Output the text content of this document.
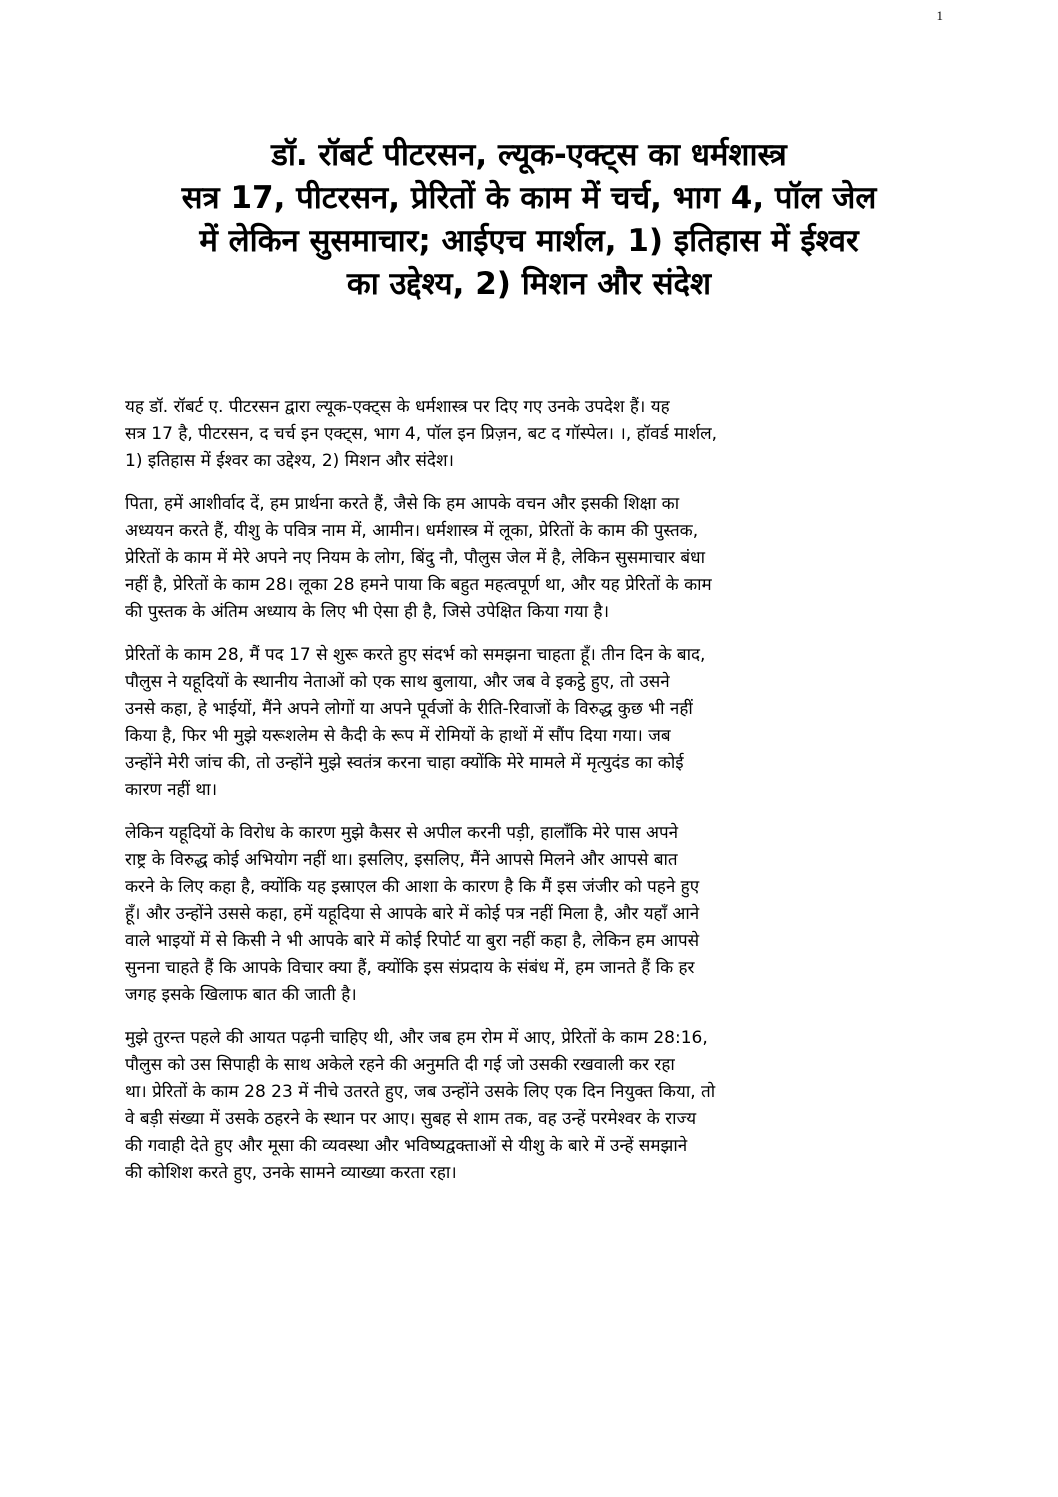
1
डॉ. रॉबर्ट पीटरसन, ल्यूक-एक्ट्स का धर्मशास्त्र
सत्र 17, पीटरसन, प्रेरितों के काम में चर्च, भाग 4, पॉल जेल
में लेकिन सुसमाचार; आईएच मार्शल, 1) इतिहास में ईश्वर
का उद्देश्य, 2) मिशन और संदेश
यह डॉ. रॉबर्ट ए. पीटरसन द्वारा ल्यूक-एक्ट्स के धर्मशास्त्र पर दिए गए उनके उपदेश हैं। यह
सत्र 17 है, पीटरसन, द चर्च इन एक्ट्स, भाग 4, पॉल इन प्रिज़न, बट द गॉस्पेल। ।, हॉवर्ड मार्शल,
1) इतिहास में ईश्वर का उद्देश्य, 2) मिशन और संदेश।
पिता, हमें आशीर्वाद दें, हम प्रार्थना करते हैं, जैसे कि हम आपके वचन और इसकी शिक्षा का
अध्ययन करते हैं, यीशु के पवित्र नाम में, आमीन। धर्मशास्त्र में लूका, प्रेरितों के काम की पुस्तक,
प्रेरितों के काम में मेरे अपने नए नियम के लोग, बिंदु नौ, पौलुस जेल में है, लेकिन सुसमाचार बंधा
नहीं है, प्रेरितों के काम 28। लूका 28 हमने पाया कि बहुत महत्वपूर्ण था, और यह प्रेरितों के काम
की पुस्तक के अंतिम अध्याय के लिए भी ऐसा ही है, जिसे उपेक्षित किया गया है।
प्रेरितों के काम 28, मैं पद 17 से शुरू करते हुए संदर्भ को समझना चाहता हूँ। तीन दिन के बाद,
पौलुस ने यहूदियों के स्थानीय नेताओं को एक साथ बुलाया, और जब वे इकट्ठे हुए, तो उसने
उनसे कहा, हे भाईयों, मैंने अपने लोगों या अपने पूर्वजों के रीति-रिवाजों के विरुद्ध कुछ भी नहीं
किया है, फिर भी मुझे यरूशलेम से कैदी के रूप में रोमियों के हाथों में सौंप दिया गया। जब
उन्होंने मेरी जांच की, तो उन्होंने मुझे स्वतंत्र करना चाहा क्योंकि मेरे मामले में मृत्युदंड का कोई
कारण नहीं था।
लेकिन यहूदियों के विरोध के कारण मुझे कैसर से अपील करनी पड़ी, हालाँकि मेरे पास अपने
राष्ट्र के विरुद्ध कोई अभियोग नहीं था। इसलिए, इसलिए, मैंने आपसे मिलने और आपसे बात
करने के लिए कहा है, क्योंकि यह इस्राएल की आशा के कारण है कि मैं इस जंजीर को पहने हुए
हूँ। और उन्होंने उससे कहा, हमें यहूदिया से आपके बारे में कोई पत्र नहीं मिला है, और यहाँ आने
वाले भाइयों में से किसी ने भी आपके बारे में कोई रिपोर्ट या बुरा नहीं कहा है, लेकिन हम आपसे
सुनना चाहते हैं कि आपके विचार क्या हैं, क्योंकि इस संप्रदाय के संबंध में, हम जानते हैं कि हर
जगह इसके खिलाफ बात की जाती है।
मुझे तुरन्त पहले की आयत पढ़नी चाहिए थी, और जब हम रोम में आए, प्रेरितों के काम 28:16,
पौलुस को उस सिपाही के साथ अकेले रहने की अनुमति दी गई जो उसकी रखवाली कर रहा
था। प्रेरितों के काम 28 23 में नीचे उतरते हुए, जब उन्होंने उसके लिए एक दिन नियुक्त किया, तो
वे बड़ी संख्या में उसके ठहरने के स्थान पर आए। सुबह से शाम तक, वह उन्हें परमेश्वर के राज्य
की गवाही देते हुए और मूसा की व्यवस्था और भविष्यद्वक्ताओं से यीशु के बारे में उन्हें समझाने
की कोशिश करते हुए, उनके सामने व्याख्या करता रहा।
